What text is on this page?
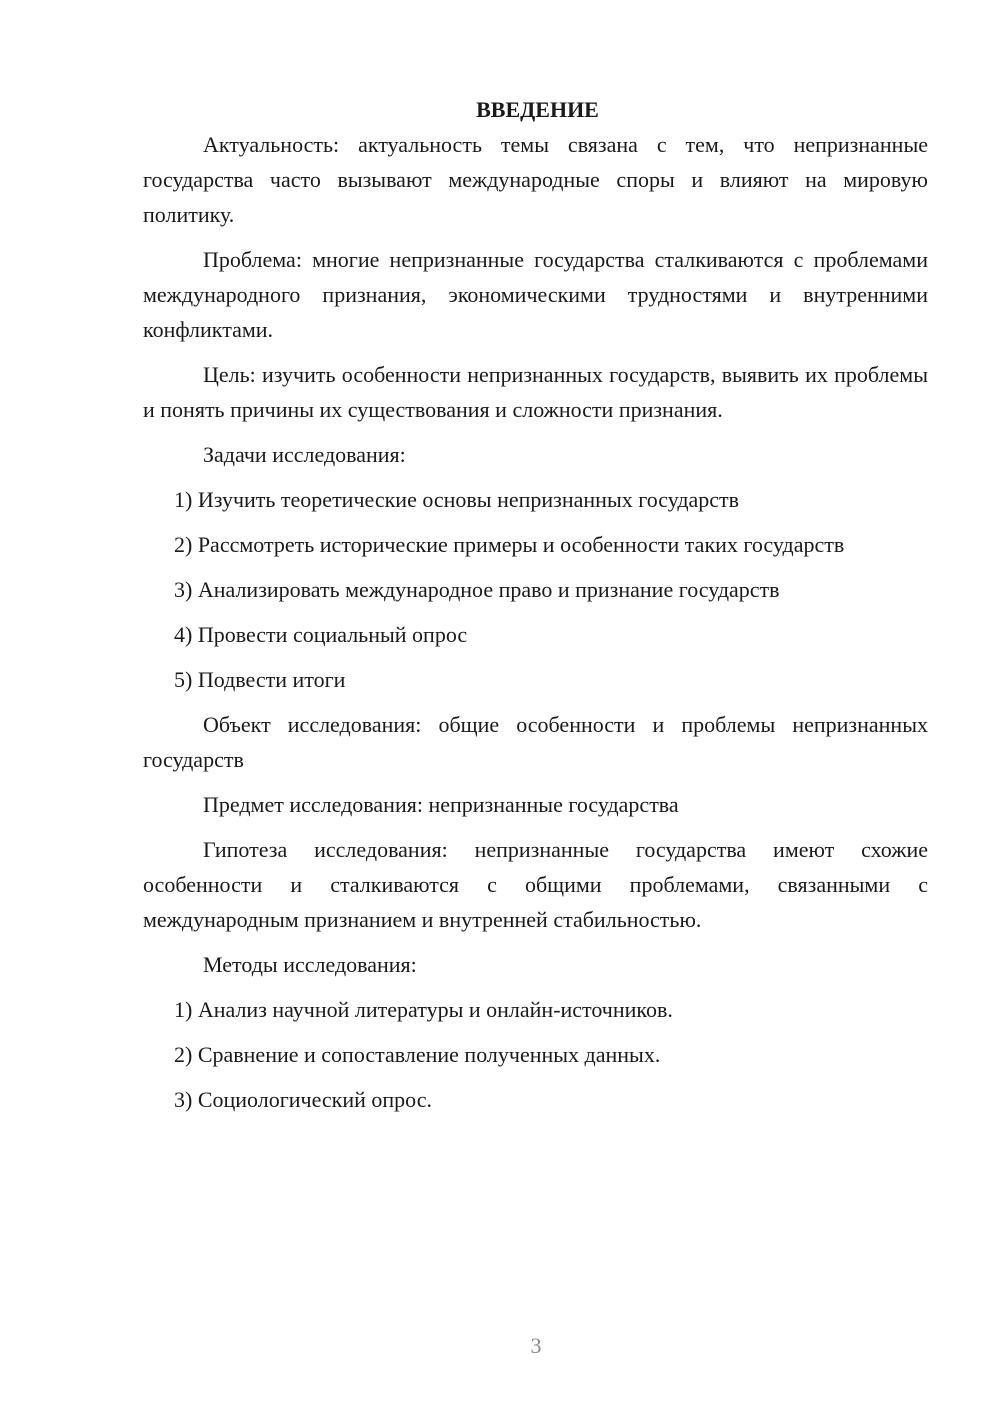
ВВЕДЕНИЕ

Актуальность: актуальность темы связана с тем, что непризнанные государства часто вызывают международные споры и влияют на мировую политику.

Проблема: многие непризнанные государства сталкиваются с проблемами международного признания, экономическими трудностями и внутренними конфликтами.

Цель: изучить особенности непризнанных государств, выявить их проблемы и понять причины их существования и сложности признания.

Задачи исследования:

1) Изучить теоретические основы непризнанных государств
2) Рассмотреть исторические примеры и особенности таких государств
3) Анализировать международное право и признание государств
4) Провести социальный опрос
5) Подвести итоги

Объект исследования: общие особенности и проблемы непризнанных государств

Предмет исследования: непризнанные государства

Гипотеза исследования: непризнанные государства имеют схожие особенности и сталкиваются с общими проблемами, связанными с международным признанием и внутренней стабильностью.

Методы исследования:

1) Анализ научной литературы и онлайн-источников.
2) Сравнение и сопоставление полученных данных.
3) Социологический опрос.
3
